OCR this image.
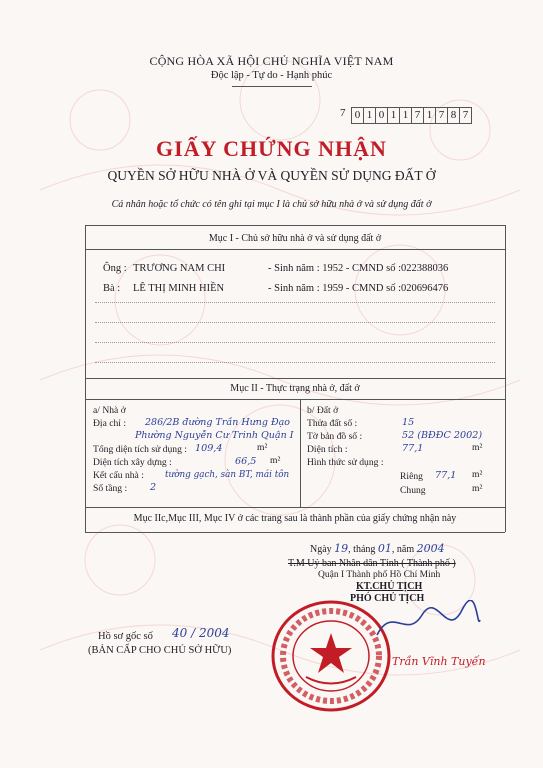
CỘNG HÒA XÃ HỘI CHỦ NGHĨA VIỆT NAM
Độc lập - Tự do - Hạnh phúc
7 0 1 0 1 1 7 1 7 8 7
GIẤY CHỨNG NHẬN
QUYỀN SỞ HỮU NHÀ Ở VÀ QUYỀN SỬ DỤNG ĐẤT Ở
Cá nhân hoặc tổ chức có tên ghi tại mục I là chủ sở hữu nhà ở và sử dụng đất ở
Mục I - Chủ sở hữu nhà ở và sử dụng đất ở
Ông : TRƯƠNG NAM CHI	- Sinh năm : 1952 - CMND số :022388036
Bà : LÊ THỊ MINH HIỀN	- Sinh năm : 1959 - CMND số :020696476
Mục II - Thực trạng nhà ở, đất ở
a/ Nhà ở
Địa chỉ : 286/2B đường Trần Hưng Đạo
Phường Nguyễn Cư Trinh Quận I
Tổng diện tích sử dụng : 109,4	m²
Diện tích xây dựng :	66,5 m²
Kết cấu nhà : tường gạch, sàn BT, mái tôn
Số tầng : 2
b/ Đất ở
Thửa đất số :	15
Tờ bản đồ số :	52 (BĐĐC 2002)
Diện tích :	77,1	m²
Hình thức sử dụng :
Riêng 77,1 m²
Chung	m²
Mục IIc,Mục III, Mục IV ở các trang sau là thành phần của giấy chứng nhận này
Ngày 19, tháng 01, năm 2004
T.M Uỷ ban Nhân dân Tỉnh ( Thành phố )
Quận I Thành phố Hồ Chí Minh
KT.CHỦ TỊCH
PHÓ CHỦ TỊCH
Trần Vĩnh Tuyến
Hồ sơ gốc số 40 / 2004
(BẢN CẤP CHO CHỦ SỞ HỮU)
